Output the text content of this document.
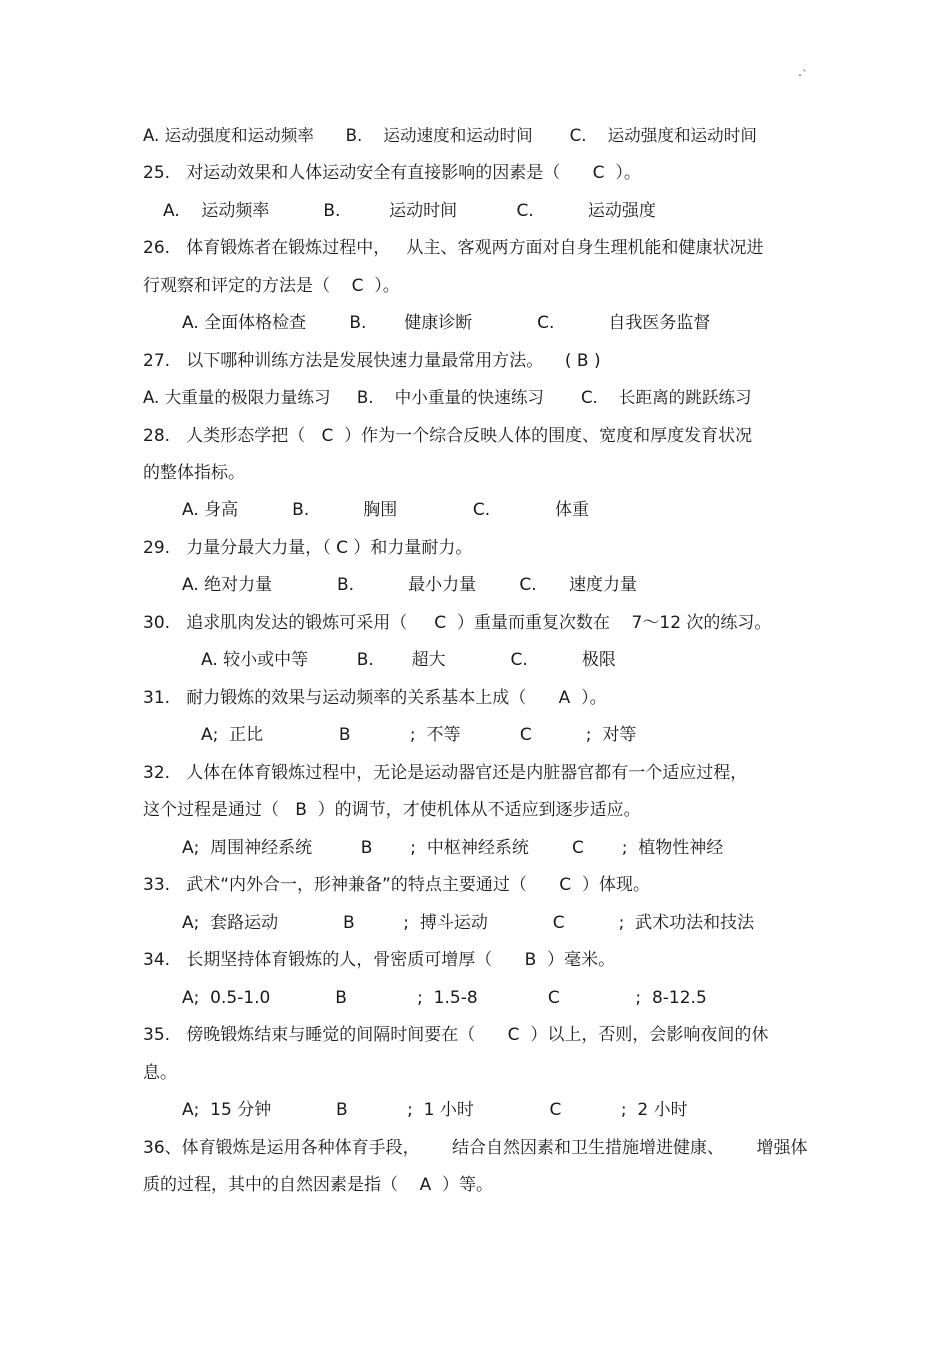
-`
A. 运动强度和运动频率      B.    运动速度和运动时间       C.    运动强度和运动时间
25.   对运动效果和人体运动安全有直接影响的因素是（      C  ）。
A.    运动频率          B.         运动时间           C.          运动强度
26.   体育锻炼者在锻炼过程中，   从主、客观两方面对自身生理机能和健康状况进
行观察和评定的方法是（    C  ）。
A. 全面体格检查        B.       健康诊断            C.          自我医务监督
27.   以下哪种训练方法是发展快速力量最常用方法。    ( B )
A. 大重量的极限力量练习     B.    中小重量的快速练习       C.    长距离的跳跃练习
28.   人类形态学把（   C  ）作为一个综合反映人体的围度、宽度和厚度发育状况
的整体指标。
A. 身高          B.          胸围              C.            体重
29.   力量分最大力量，（ C ）和力量耐力。
A. 绝对力量            B.          最小力量        C.      速度力量
30.   追求肌肉发达的锻炼可采用（     C  ）重量而重复次数在    7～12 次的练习。
A. 较小或中等         B.       超大            C.          极限
31.   耐力锻炼的效果与运动频率的关系基本上成（      A  ）。
A;  正比              B           ;  不等           C          ;  对等
32.   人体在体育锻炼过程中，无论是运动器官还是内脏器官都有一个适应过程，
这个过程是通过（   B  ）的调节，才使机体从不适应到逐步适应。
A;  周围神经系统         B       ;  中枢神经系统        C       ;  植物性神经
33.   武术“内外合一，形神兼备”的特点主要通过（      C  ）体现。
A;  套路运动            B         ;  搏斗运动            C          ;  武术功法和技法
34.   长期坚持体育锻炼的人，骨密质可增厚（      B  ）毫米。
A;  0.5-1.0            B             ;  1.5-8             C              ;  8-12.5
35.   傍晚锻炼结束与睡觉的间隔时间要在（      C  ）以上，否则，会影响夜间的休
息。
A;  15 分钟            B           ;  1 小时              C           ;  2 小时
36、体育锻炼是运用各种体育手段，      结合自然因素和卫生措施增进健康、      增强体
质的过程，其中的自然因素是指（    A  ）等。
